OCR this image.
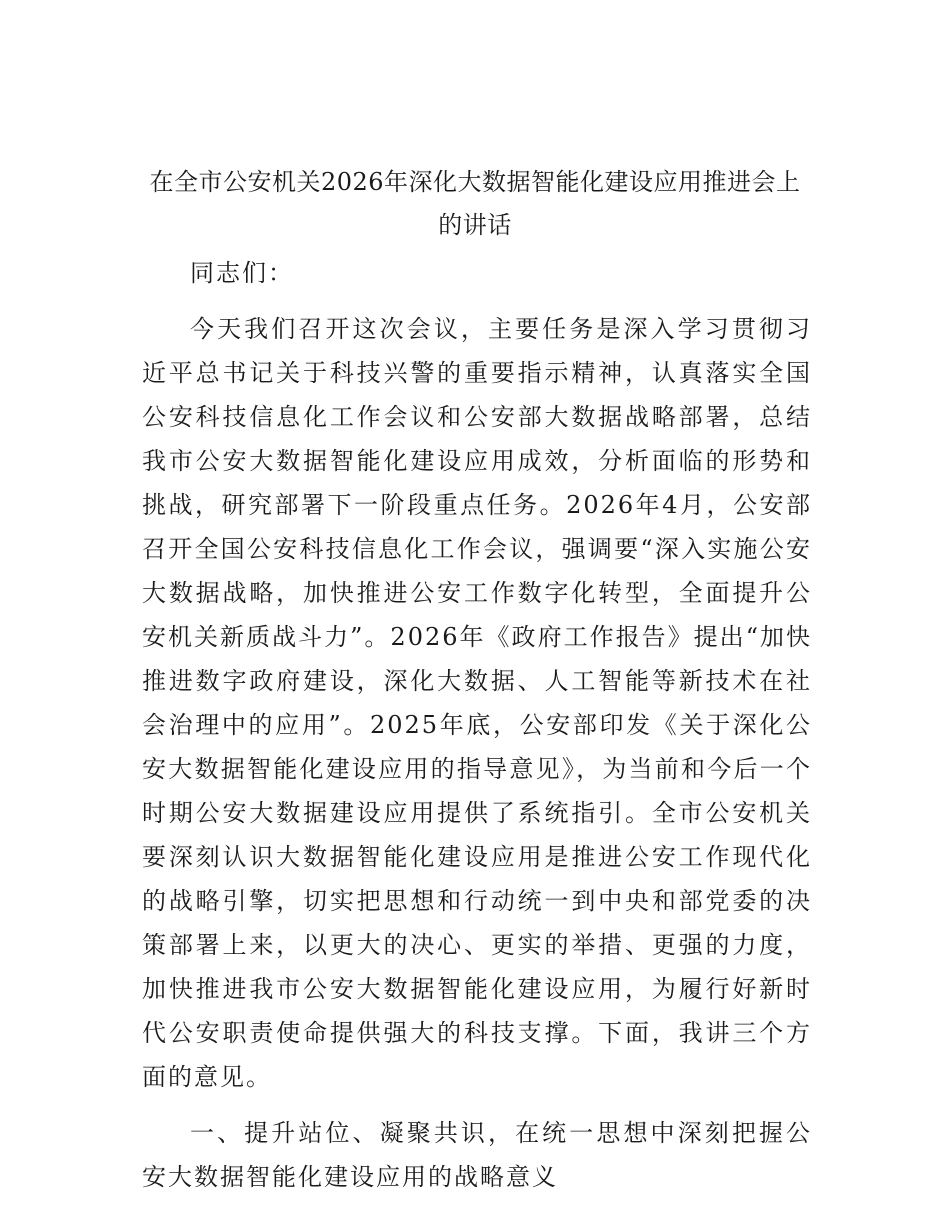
在全市公安机关2026年深化大数据智能化建设应用推进会上的讲话

同志们：

今天我们召开这次会议，主要任务是深入学习贯彻习近平总书记关于科技兴警的重要指示精神，认真落实全国公安科技信息化工作会议和公安部大数据战略部署，总结我市公安大数据智能化建设应用成效，分析面临的形势和挑战，研究部署下一阶段重点任务。2026年4月，公安部召开全国公安科技信息化工作会议，强调要“深入实施公安大数据战略，加快推进公安工作数字化转型，全面提升公安机关新质战斗力”。2026年《政府工作报告》提出“加快推进数字政府建设，深化大数据、人工智能等新技术在社会治理中的应用”。2025年底，公安部印发《关于深化公安大数据智能化建设应用的指导意见》，为当前和今后一个时期公安大数据建设应用提供了系统指引。全市公安机关要深刻认识大数据智能化建设应用是推进公安工作现代化的战略引擎，切实把思想和行动统一到中央和部党委的决策部署上来，以更大的决心、更实的举措、更强的力度，加快推进我市公安大数据智能化建设应用，为履行好新时代公安职责使命提供强大的科技支撑。下面，我讲三个方面的意见。

一、提升站位、凝聚共识，在统一思想中深刻把握公安大数据智能化建设应用的战略意义
